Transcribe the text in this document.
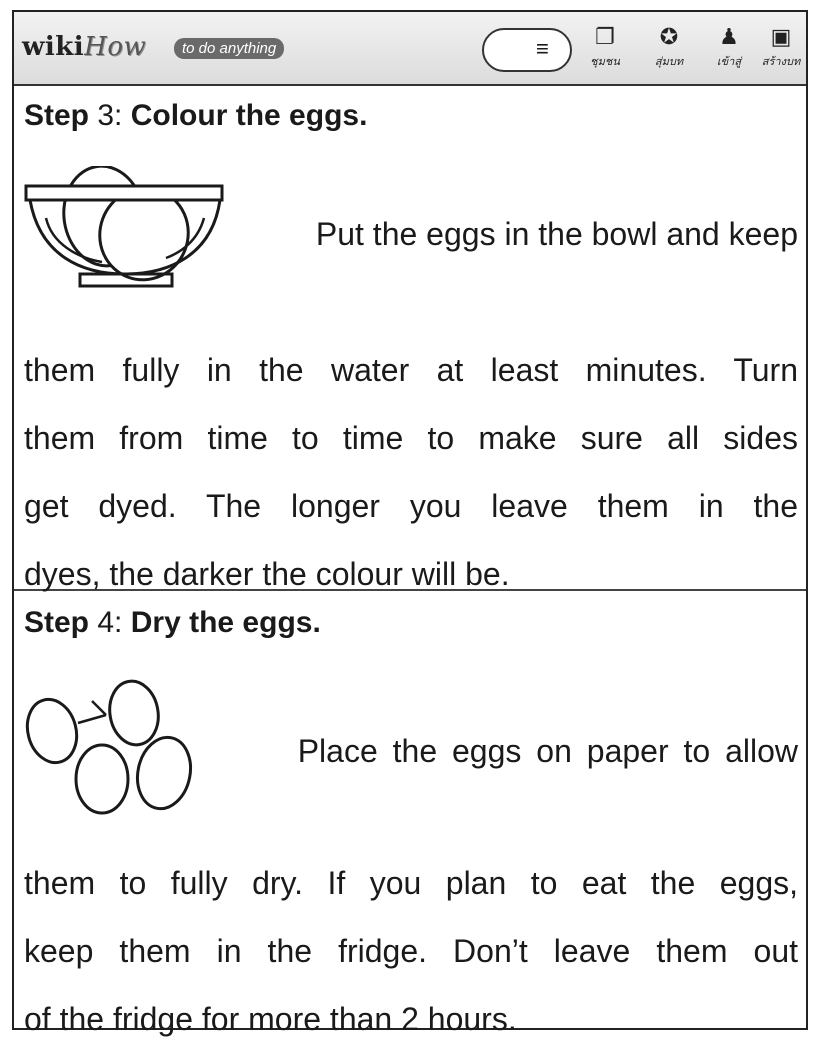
wikiHow	to do anything	≡	❐
ชุมชน
✪
สุ่มบท
♟
เข้าสู่
▣
สร้างบท
Step 3: Colour the eggs.
Put the eggs in the bowl and keep
them fully in the water at least minutes. Turn
them from time to time to make sure all sides
get dyed. The longer you leave them in the
dyes, the darker the colour will be.
Step 4: Dry the eggs.
Place the eggs on paper to allow
them to fully dry. If you plan to eat the eggs,
keep them in the fridge. Don’t leave them out
of the fridge for more than 2 hours.
